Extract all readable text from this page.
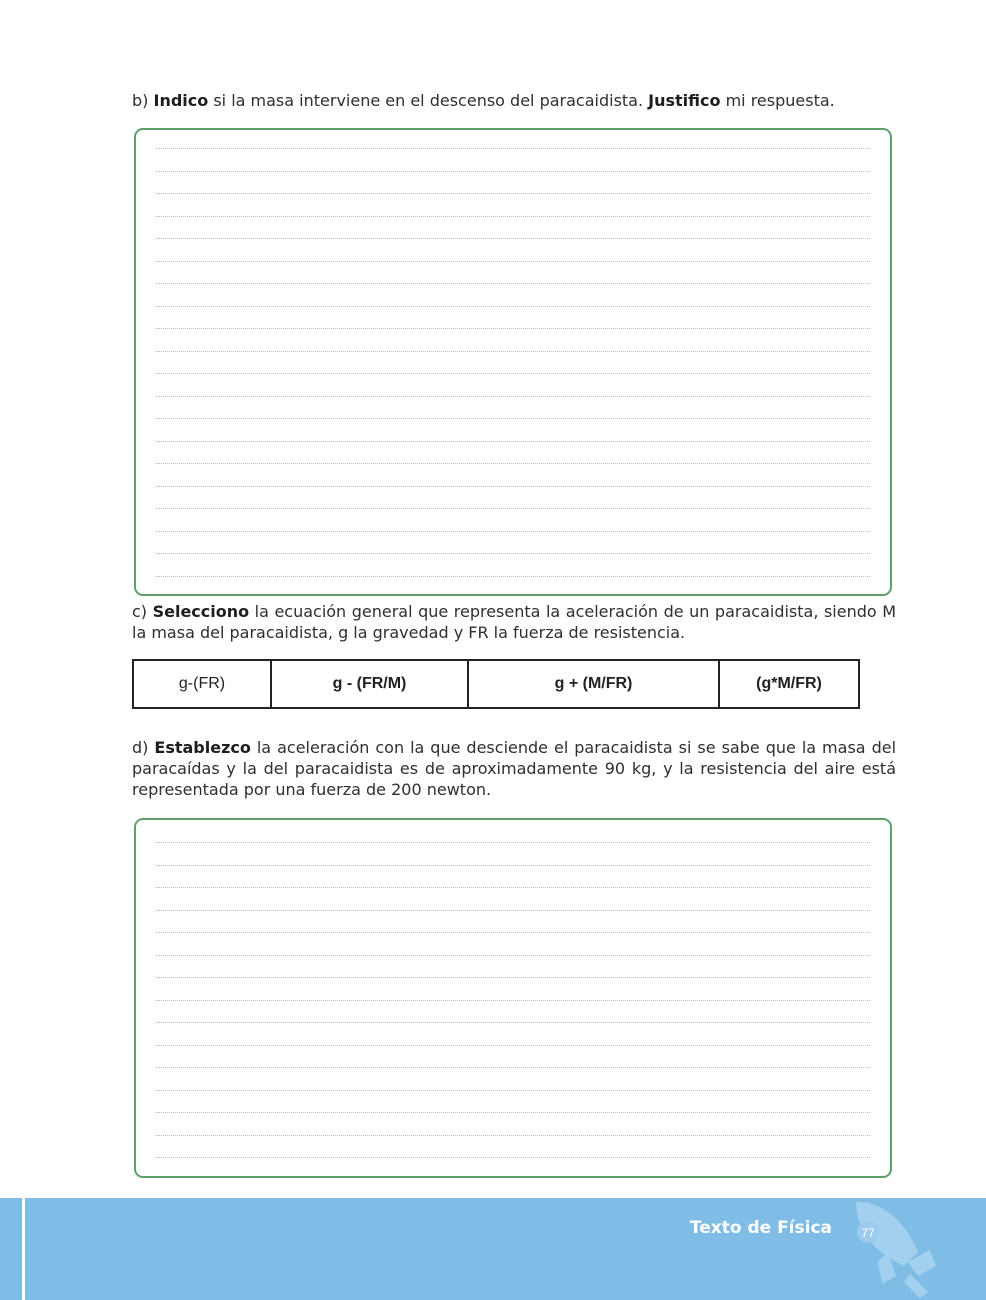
b) Indico si la masa interviene en el descenso del paracaidista. Justifico mi respuesta.
c) Selecciono la ecuación general que representa la aceleración de un paracaidista, siendo M la masa del paracaidista, g la gravedad y FR la fuerza de resistencia.
g-(FR)	g - (FR/M)	g + (M/FR)	(g*M/FR)
d) Establezco la aceleración con la que desciende el paracaidista si se sabe que la masa del paracaídas y la del paracaidista es de aproximadamente 90 kg, y la resistencia del aire está representada por una fuerza de 200 newton.
Texto de Física 77
